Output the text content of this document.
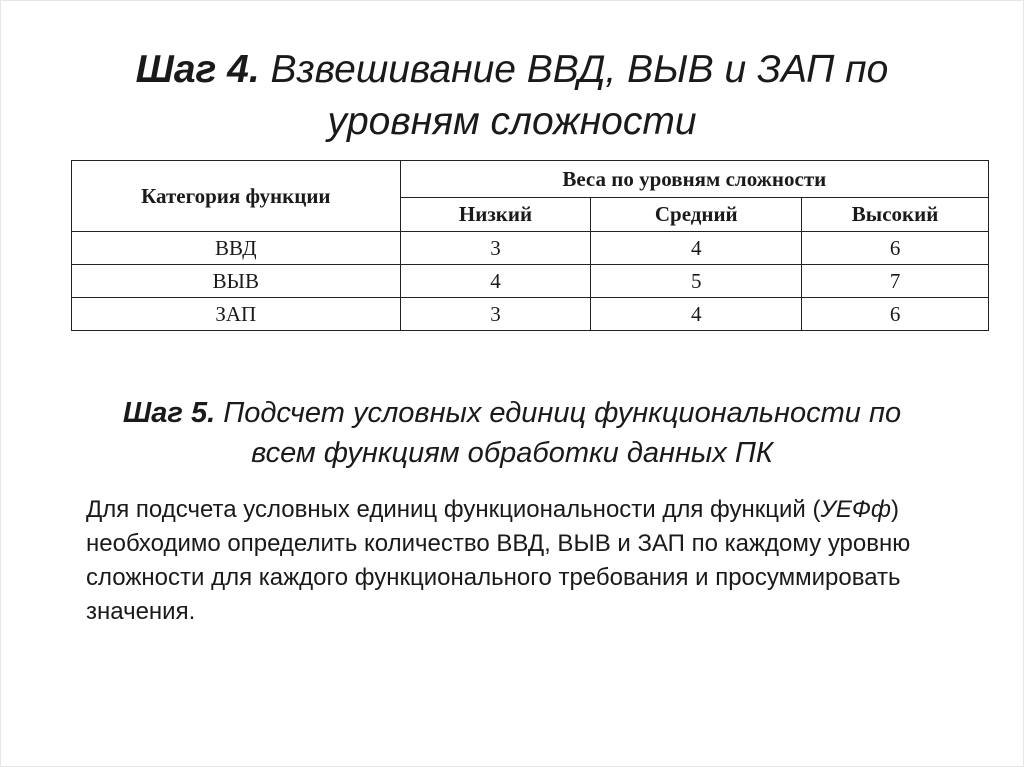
Шаг 4. Взвешивание ВВД, ВЫВ и ЗАП по
уровням сложности
Категория функции	Веса по уровням сложности		
	Низкий	Средний	Высокий
ВВД	3	4	6
ВЫВ	4	5	7
ЗАП	3	4	6
Шаг 5. Подсчет условных единиц функциональности по
всем функциям обработки данных ПК
Для подсчета условных единиц функциональности для функций (УЕФф) необходимо определить количество ВВД, ВЫВ и ЗАП по каждому уровню сложности для каждого функционального требования и просуммировать значения.
